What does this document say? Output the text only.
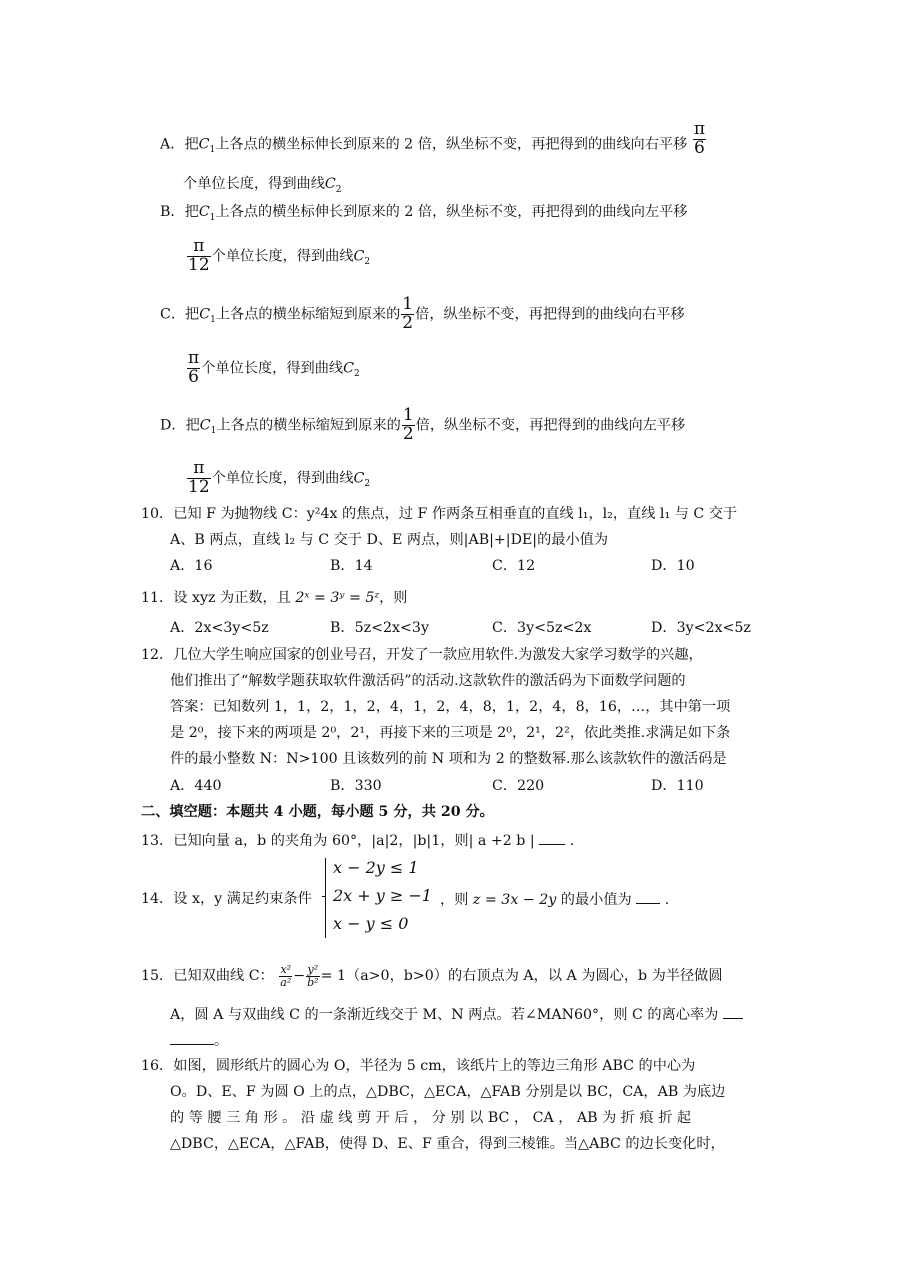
A．把$C_1$上各点的横坐标伸长到原来的 2 倍，纵坐标不变，再把得到的曲线向右平移 $\frac{\pi}{6}$
个单位长度，得到曲线$C_2$
B．把$C_1$上各点的横坐标伸长到原来的 2 倍，纵坐标不变，再把得到的曲线向左平移
$\frac{\pi}{12}$ 个单位长度，得到曲线$C_2$
C．把$C_1$上各点的横坐标缩短到原来的 $\frac{1}{2}$ 倍，纵坐标不变，再把得到的曲线向右平移
$\frac{\pi}{6}$ 个单位长度，得到曲线$C_2$
D．把$C_1$上各点的横坐标缩短到原来的 $\frac{1}{2}$ 倍，纵坐标不变，再把得到的曲线向左平移
$\frac{\pi}{12}$ 个单位长度，得到曲线$C_2$
10．已知 F 为抛物线 C：y²4x 的焦点，过 F 作两条互相垂直的直线 l₁，l₂，直线 l₁ 与 C 交于
A、B 两点，直线 l₂ 与 C 交于 D、E 两点，则|AB|+|DE|的最小值为
A．16	B．14	C．12	D．10
11．设 xyz 为正数，且 2ˣ = 3ʸ = 5ᶻ，则
A．2x<3y<5z	B．5z<2x<3y	C．3y<5z<2x	D．3y<2x<5z
12．几位大学生响应国家的创业号召，开发了一款应用软件.为激发大家学习数学的兴趣，
他们推出了“解数学题获取软件激活码”的活动.这款软件的激活码为下面数学问题的
答案：已知数列 1，1，2，1，2，4，1，2，4，8，1，2，4，8，16，…，其中第一项
是 2⁰，接下来的两项是 2⁰，2¹，再接下来的三项是 2⁰，2¹，2²，依此类推.求满足如下条
件的最小整数 N：N>100 且该数列的前 N 项和为 2 的整数幂.那么该款软件的激活码是
A．440	B．330	C．220	D．110
二、填空题：本题共 4 小题，每小题 5 分，共 20 分。
13．已知向量 a，b 的夹角为 60°，|a|2，|b|1，则| a +2 b | .
14．设 x，y 满足约束条件
x − 2y ≤ 1
2x + y ≥ −1
x − y ≤ 0
，则 z = 3x − 2y 的最小值为 .
15．已知双曲线 C： $\frac{\text{x²}}{\text{a²}} - \frac{\text{y²}}{\text{b²}} = 1(a>0$，b>0）的右顶点为 A，以 A 为圆心，b 为半径做圆
A，圆 A 与双曲线 C 的一条渐近线交于 M、N 两点。若∠MAN60°，则 C 的离心率为
。
16．如图，圆形纸片的圆心为 O，半径为 5 cm，该纸片上的等边三角形 ABC 的中心为
O。D、E、F 为圆 O 上的点，△DBC，△ECA，△FAB 分别是以 BC，CA，AB 为底边
的 等 腰 三 角 形 。 沿 虚 线 剪 开 后 ， 分 别 以 BC ， CA ， AB 为 折 痕 折 起
△DBC，△ECA，△FAB，使得 D、E、F 重合，得到三棱锥。当△ABC 的边长变化时，
